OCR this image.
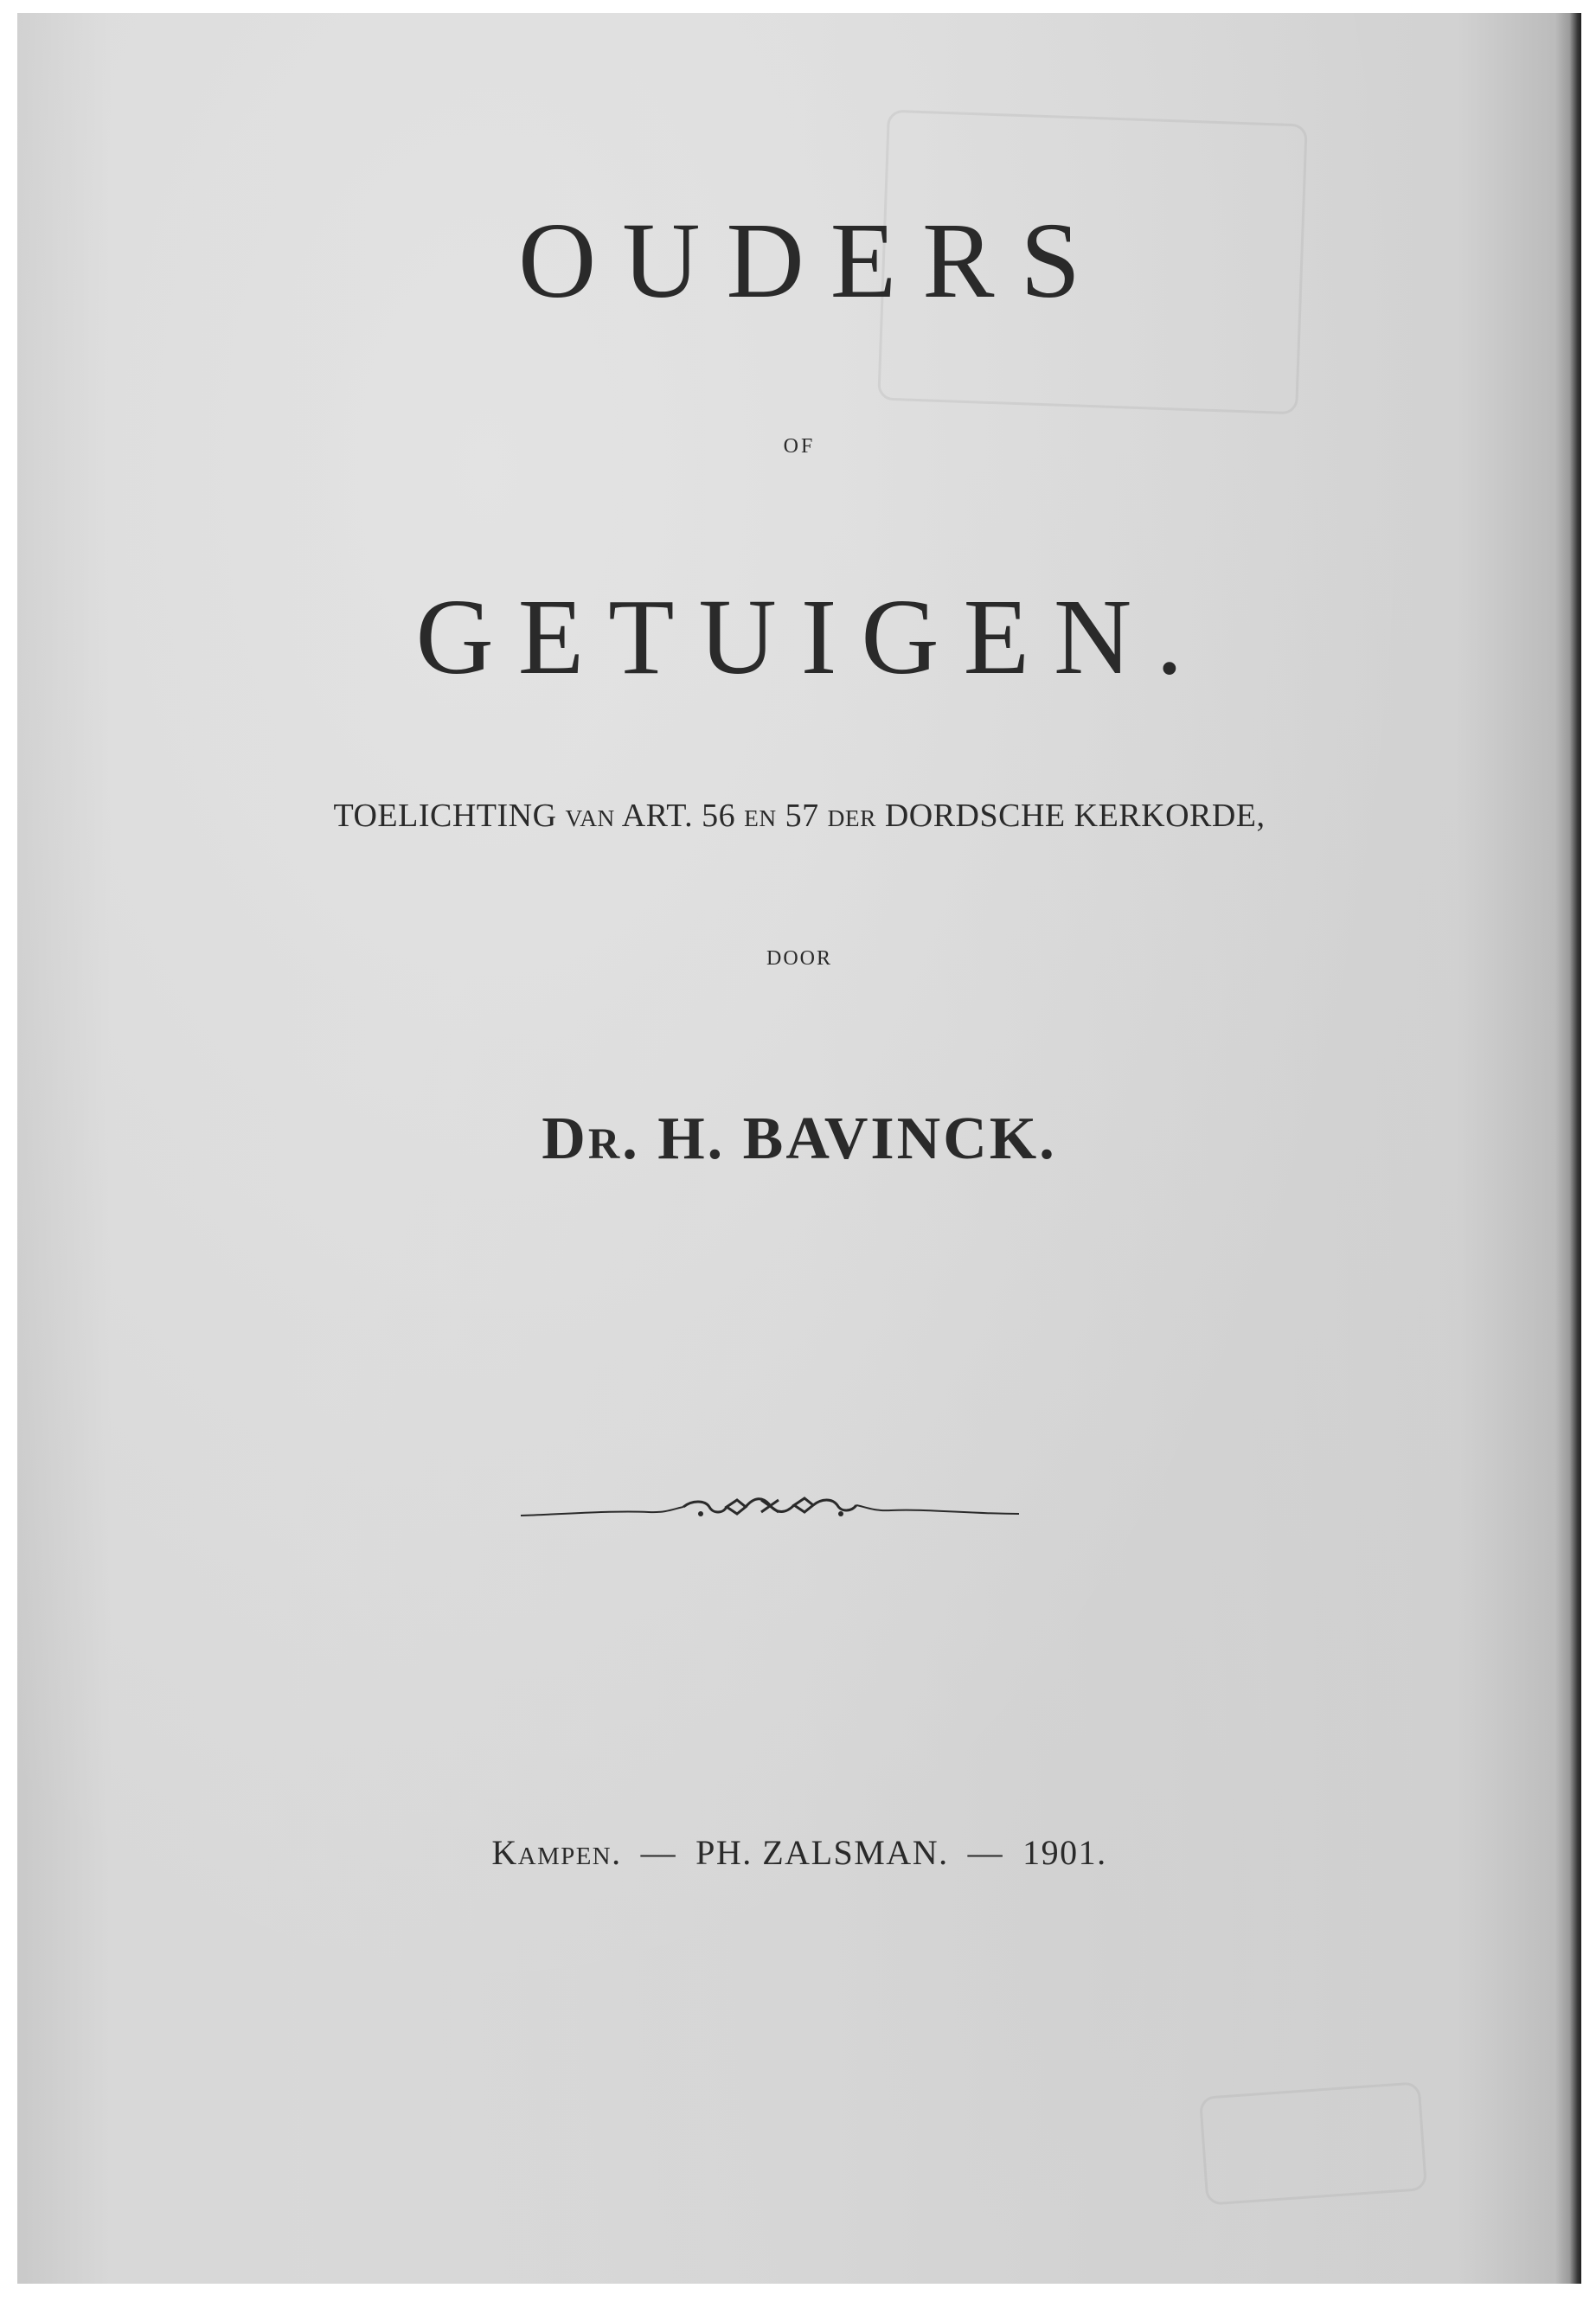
OUDERS
OF
GETUIGEN.
TOELICHTING VAN ART. 56 EN 57 DER DORDSCHE KERKORDE,
DOOR
DR. H. BAVINCK.
KAMPEN. — PH. ZALSMAN. — 1901.
